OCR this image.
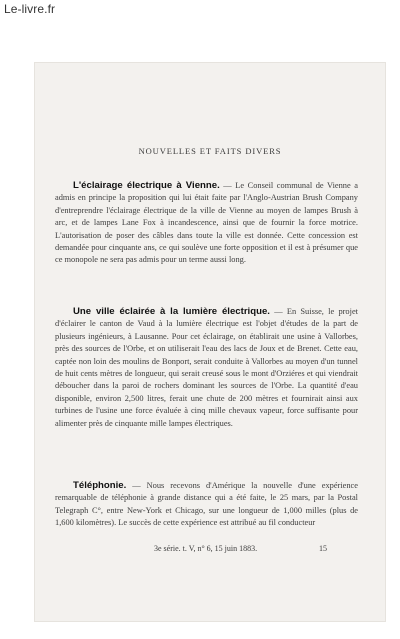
Le-livre.fr
NOUVELLES ET FAITS DIVERS

L'éclairage électrique à Vienne. — Le Conseil communal de Vienne a admis en principe la proposition qui lui était faite par l'Anglo-Austrian Brush Company d'entreprendre l'éclairage électrique de la ville de Vienne au moyen de lampes Brush à arc, et de lampes Lane Fox à incandescence, ainsi que de fournir la force motrice. L'autorisation de poser des câbles dans toute la ville est donnée. Cette concession est demandée pour cinquante ans, ce qui soulève une forte opposition et il est à présumer que ce monopole ne sera pas admis pour un terme aussi long.

Une ville éclairée à la lumière électrique. — En Suisse, le projet d'éclairer le canton de Vaud à la lumière électrique est l'objet d'études de la part de plusieurs ingénieurs, à Lausanne. Pour cet éclairage, on établirait une usine à Vallorbes, près des sources de l'Orbe, et on utiliserait l'eau des lacs de Joux et de Brenet. Cette eau, captée non loin des moulins de Bonport, serait conduite à Vallorbes au moyen d'un tunnel de huit cents mètres de longueur, qui serait creusé sous le mont d'Orziéres et qui viendrait déboucher dans la paroi de rochers dominant les sources de l'Orbe. La quantité d'eau disponible, environ 2,500 litres, ferait une chute de 200 mètres et fournirait ainsi aux turbines de l'usine une force évaluée à cinq mille chevaux vapeur, force suffisante pour alimenter près de cinquante mille lampes électriques.

Téléphonie. — Nous recevons d'Amérique la nouvelle d'une expérience remarquable de téléphonie à grande distance qui a été faite, le 25 mars, par la Postal Telegraph C°, entre New-York et Chicago, sur une longueur de 1,000 milles (plus de 1,600 kilomètres). Le succès de cette expérience est attribué au fil conducteur

3e série. t. V, n° 6, 15 juin 1883.	15
